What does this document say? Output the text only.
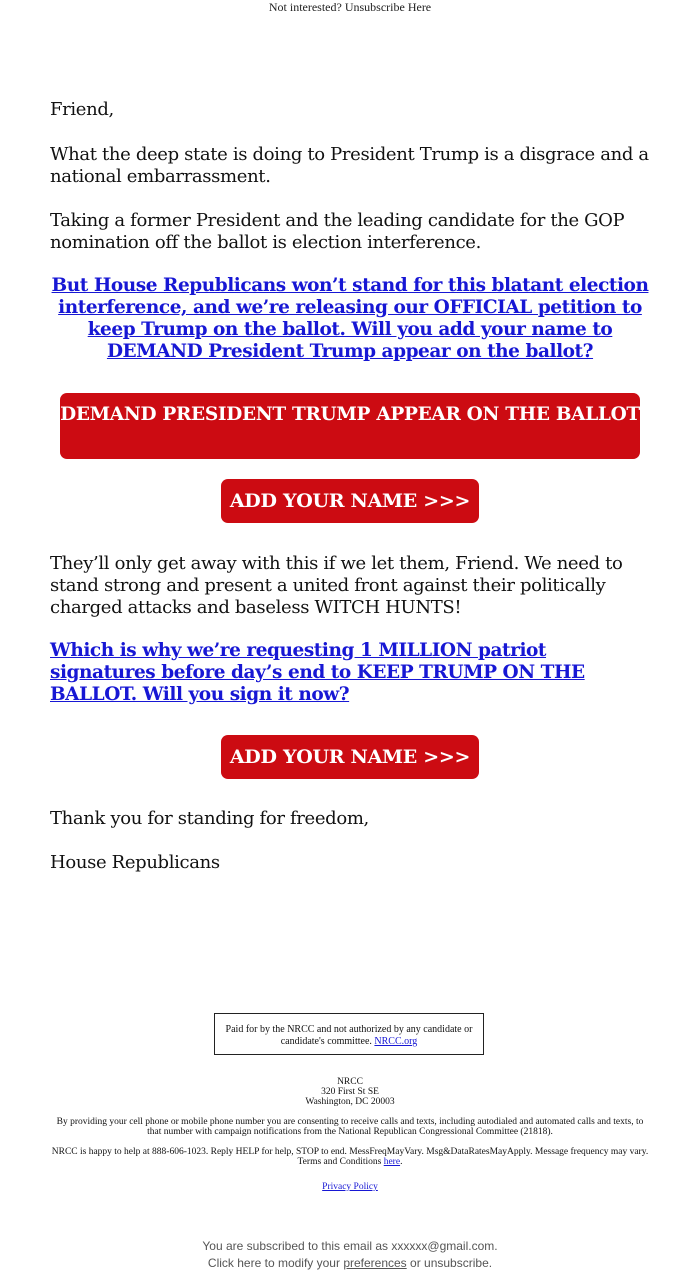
Not interested? Unsubscribe Here

Friend,

What the deep state is doing to President Trump is a disgrace and a national embarrassment.

Taking a former President and the leading candidate for the GOP nomination off the ballot is election interference.

But House Republicans won’t stand for this blatant election interference, and we’re releasing our OFFICIAL petition to keep Trump on the ballot. Will you add your name to DEMAND President Trump appear on the ballot?
DEMAND PRESIDENT TRUMP APPEAR ON THE BALLOT
ADD YOUR NAME >>>

They’ll only get away with this if we let them, Friend. We need to stand strong and present a united front against their politically charged attacks and baseless WITCH HUNTS!

Which is why we’re requesting 1 MILLION patriot signatures before day’s end to KEEP TRUMP ON THE BALLOT. Will you sign it now?
ADD YOUR NAME >>>

Thank you for standing for freedom,

House Republicans

Paid for by the NRCC and not authorized by any candidate or candidate's committee. NRCC.org
NRCC
320 First St SE
Washington, DC 20003
By providing your cell phone or mobile phone number you are consenting to receive calls and texts, including autodialed and automated calls and texts, to that number with campaign notifications from the National Republican Congressional Committee (21818).
NRCC is happy to help at 888-606-1023. Reply HELP for help, STOP to end. MessFreqMayVary. Msg&DataRatesMayApply. Message frequency may vary. Terms and Conditions here.
Privacy Policy
You are subscribed to this email as xxxxxx@gmail.com.
Click here to modify your preferences or unsubscribe.
